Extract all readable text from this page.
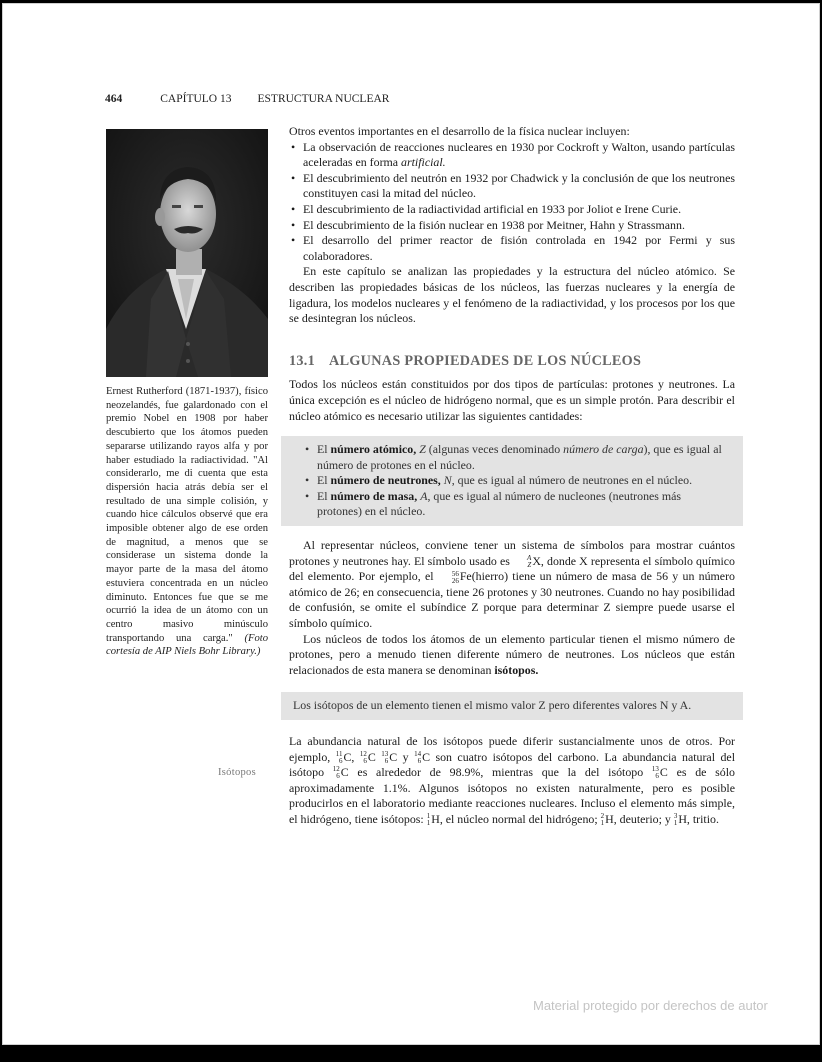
464	CAPÍTULO 13 ESTRUCTURA NUCLEAR
Ernest Rutherford (1871-1937), físico neozelandés, fue galardonado con el premio Nobel en 1908 por haber descubierto que los átomos pueden separarse utilizando rayos alfa y por haber estudiado la radiactividad. "Al considerarlo, me di cuenta que esta dispersión hacia atrás debía ser el resultado de una simple colisión, y cuando hice cálculos observé que era imposible obtener algo de ese orden de magnitud, a menos que se considerase un sistema donde la mayor parte de la masa del átomo estuviera concentrada en un núcleo diminuto. Entonces fue que se me ocurrió la idea de un átomo con un centro masivo minúsculo transportando una carga." (Foto cortesía de AIP Niels Bohr Library.)
Isótopos

Otros eventos importantes en el desarrollo de la física nuclear incluyen:

• La observación de reacciones nucleares en 1930 por Cockroft y Walton, usando partículas aceleradas en forma artificial.
• El descubrimiento del neutrón en 1932 por Chadwick y la conclusión de que los neutrones constituyen casi la mitad del núcleo.
• El descubrimiento de la radiactividad artificial en 1933 por Joliot e Irene Curie.
• El descubrimiento de la fisión nuclear en 1938 por Meitner, Hahn y Strassmann.
• El desarrollo del primer reactor de fisión controlada en 1942 por Fermi y sus colaboradores.

En este capítulo se analizan las propiedades y la estructura del núcleo atómico. Se describen las propiedades básicas de los núcleos, las fuerzas nucleares y la energía de ligadura, los modelos nucleares y el fenómeno de la radiactividad, y los procesos por los que se desintegran los núcleos.

13.1 ALGUNAS PROPIEDADES DE LOS NÚCLEOS

Todos los núcleos están constituidos por dos tipos de partículas: protones y neutrones. La única excepción es el núcleo de hidrógeno normal, que es un simple protón. Para describir el núcleo atómico es necesario utilizar las siguientes cantidades:

• El número atómico, Z (algunas veces denominado número de carga), que es igual al número de protones en el núcleo.
• El número de neutrones, N, que es igual al número de neutrones en el núcleo.
• El número de masa, A, que es igual al número de nucleones (neutrones más protones) en el núcleo.

Al representar núcleos, conviene tener un sistema de símbolos para mostrar cuántos protones y neutrones hay. El símbolo usado es	A
Z X, donde X representa el símbolo químico del elemento. Por ejemplo, el	56
26 Fe(hierro) tiene un número de masa de 56 y un número atómico de 26; en consecuencia, tiene 26 protones y 30 neutrones. Cuando no hay posibilidad de confusión, se omite el subíndice Z porque para determinar Z siempre puede usarse el símbolo químico.

Los núcleos de todos los átomos de un elemento particular tienen el mismo número de protones, pero a menudo tienen diferente número de neutrones. Los núcleos que están relacionados de esta manera se denominan isótopos.

Los isótopos de un elemento tienen el mismo valor Z pero diferentes valores N y A.

La abundancia natural de los isótopos puede diferir sustancialmente unos de otros. Por ejemplo, 11
6 C, 12
6 C 13
6 C y 14
6 C son cuatro isótopos del carbono. La abundancia natural del isótopo 12
6 C es alrededor de 98.9%, mientras que la del isótopo 13
6 C es de sólo aproximadamente 1.1%. Algunos isótopos no existen naturalmente, pero es posible producirlos en el laboratorio mediante reacciones nucleares. Incluso el elemento más simple, el hidrógeno, tiene isótopos: 1
1 H, el núcleo normal del hidrógeno; 2
1 H, deuterio; y 3
1 H, tritio.

Material protegido por derechos de autor
